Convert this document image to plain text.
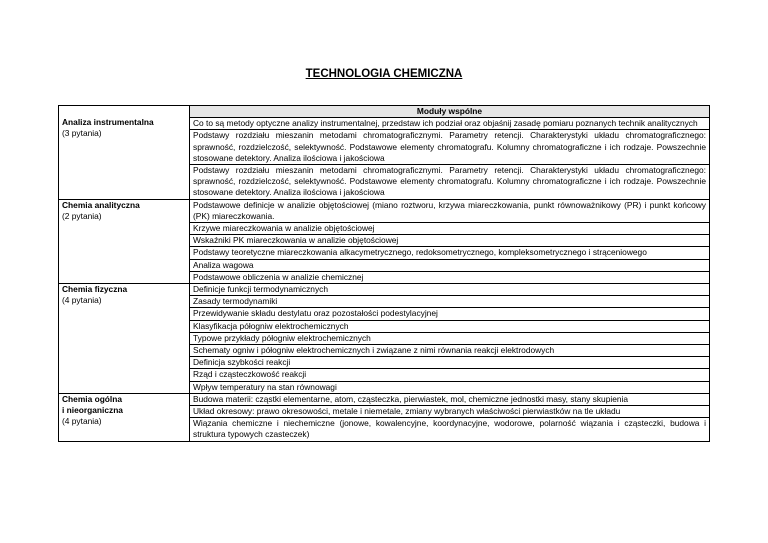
TECHNOLOGIA CHEMICZNA
Analiza instrumentalna
(3 pytania)	Moduły wspólne
	Co to są metody optyczne analizy instrumentalnej, przedstaw ich podział oraz objaśnij zasadę pomiaru poznanych technik analitycznych
	Podstawy rozdziału mieszanin metodami chromatograficznymi. Parametry retencji. Charakterystyki układu chromatograficznego: sprawność, rozdzielczość, selektywność. Podstawowe elementy chromatografu. Kolumny chromatograficzne i ich rodzaje. Powszechnie stosowane detektory. Analiza ilościowa i jakościowa
	Podstawy rozdziału mieszanin metodami chromatograficznymi. Parametry retencji. Charakterystyki układu chromatograficznego: sprawność, rozdzielczość, selektywność. Podstawowe elementy chromatografu. Kolumny chromatograficzne i ich rodzaje. Powszechnie stosowane detektory. Analiza ilościowa i jakościowa

Chemia analityczna
(2 pytania)	Podstawowe definicje w analizie objętościowej (miano roztworu, krzywa miareczkowania, punkt równoważnikowy (PR) i punkt końcowy (PK) miareczkowania.
	Krzywe miareczkowania w analizie objętościowej
	Wskaźniki PK miareczkowania w analizie objętościowej
	Podstawy teoretyczne miareczkowania alkacymetrycznego, redoksometrycznego, kompleksometrycznego i strąceniowego
	Analiza wagowa
	Podstawowe obliczenia w analizie chemicznej

Chemia fizyczna
(4 pytania)	Definicje funkcji termodynamicznych
	Zasady termodynamiki
	Przewidywanie składu destylatu oraz pozostałości podestylacyjnej
	Klasyfikacja półogniw elektrochemicznych
	Typowe przykłady półogniw elektrochemicznych
	Schematy ogniw i półogniw elektrochemicznych i związane z nimi równania reakcji elektrodowych
	Definicja szybkości reakcji
	Rząd i cząsteczkowość reakcji
	Wpływ temperatury na stan równowagi

Chemia ogólna
i nieorganiczna
(4 pytania)	Budowa materii: cząstki elementarne, atom, cząsteczka, pierwiastek, mol, chemiczne jednostki masy, stany skupienia
	Układ okresowy: prawo okresowości, metale i niemetale, zmiany wybranych właściwości pierwiastków na tle układu
	Wiązania chemiczne i niechemiczne (jonowe, kowalencyjne, koordynacyjne, wodorowe, polarność wiązania i cząsteczki, budowa i struktura typowych czasteczek)
